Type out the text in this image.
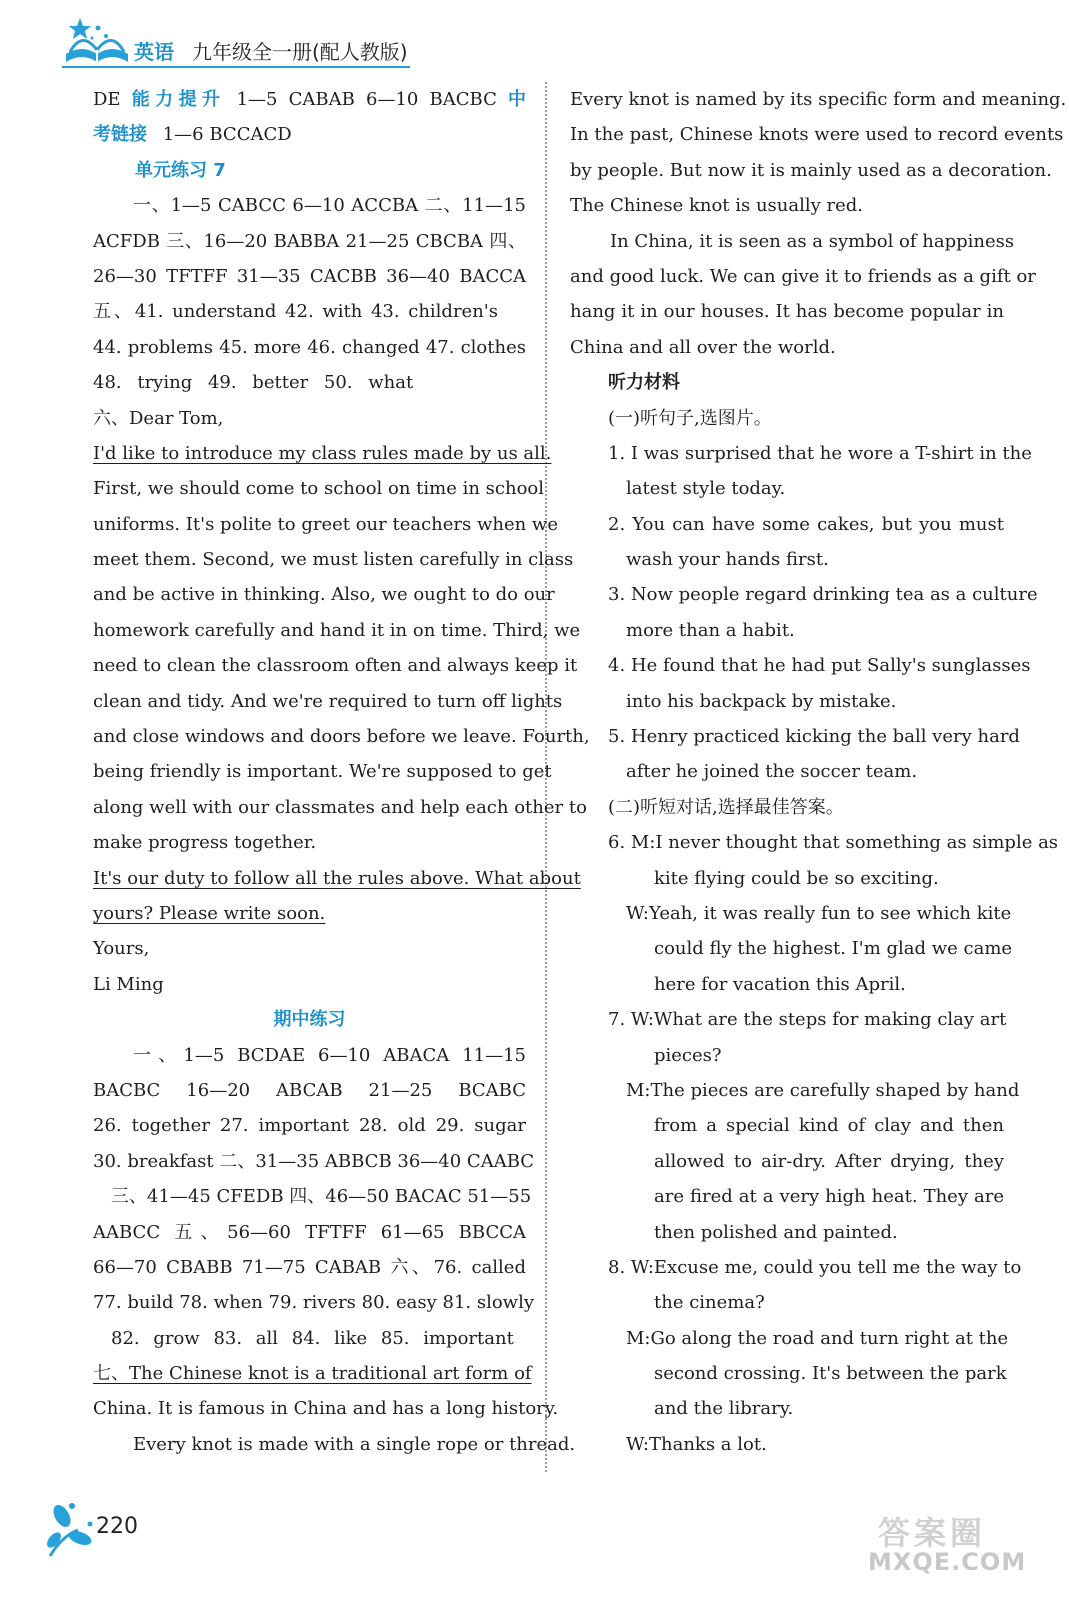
英语 九年级全一册(配人教版)
DE 能力提升 1—5 CABAB 6—10 BACBC 中
考链接 1—6 BCCACD
单元练习 7
一、1—5 CABCC 6—10 ACCBA 二、11—15
ACFDB 三、16—20 BABBA 21—25 CBCBA 四、
26—30 TFTFF 31—35 CACBB 36—40 BACCA
五、41. understand 42. with 43. children's
44. problems 45. more 46. changed 47. clothes
48. trying 49. better 50. what
六、Dear Tom,
I'd like to introduce my class rules made by us all.
First, we should come to school on time in school
uniforms. It's polite to greet our teachers when we
meet them. Second, we must listen carefully in class
and be active in thinking. Also, we ought to do our
homework carefully and hand it in on time. Third, we
need to clean the classroom often and always keep it
clean and tidy. And we're required to turn off lights
and close windows and doors before we leave. Fourth,
being friendly is important. We're supposed to get
along well with our classmates and help each other to
make progress together.
It's our duty to follow all the rules above. What about
yours? Please write soon.
Yours,
Li Ming
期中练习
一、1—5 BCDAE 6—10 ABACA 11—15
BACBC 16—20 ABCAB 21—25 BCABC
26. together 27. important 28. old 29. sugar
30. breakfast 二、31—35 ABBCB 36—40 CAABC
三、41—45 CFEDB 四、46—50 BACAC 51—55
AABCC 五、56—60 TFTFF 61—65 BBCCA
66—70 CBABB 71—75 CABAB 六、76. called
77. build 78. when 79. rivers 80. easy 81. slowly
82. grow 83. all 84. like 85. important
七、The Chinese knot is a traditional art form of
China. It is famous in China and has a long history.
Every knot is made with a single rope or thread.
Every knot is named by its specific form and meaning.
In the past, Chinese knots were used to record events
by people. But now it is mainly used as a decoration.
The Chinese knot is usually red.
In China, it is seen as a symbol of happiness
and good luck. We can give it to friends as a gift or
hang it in our houses. It has become popular in
China and all over the world.
听力材料
(一)听句子,选图片。
1. I was surprised that he wore a T-shirt in the
latest style today.
2. You can have some cakes, but you must
wash your hands first.
3. Now people regard drinking tea as a culture
more than a habit.
4. He found that he had put Sally's sunglasses
into his backpack by mistake.
5. Henry practiced kicking the ball very hard
after he joined the soccer team.
(二)听短对话,选择最佳答案。
6. M:I never thought that something as simple as
kite flying could be so exciting.
W:Yeah, it was really fun to see which kite
could fly the highest. I'm glad we came
here for vacation this April.
7. W:What are the steps for making clay art
pieces?
M:The pieces are carefully shaped by hand
from a special kind of clay and then
allowed to air-dry. After drying, they
are fired at a very high heat. They are
then polished and painted.
8. W:Excuse me, could you tell me the way to
the cinema?
M:Go along the road and turn right at the
second crossing. It's between the park
and the library.
W:Thanks a lot.
220	答案圈
MXQE.COM
